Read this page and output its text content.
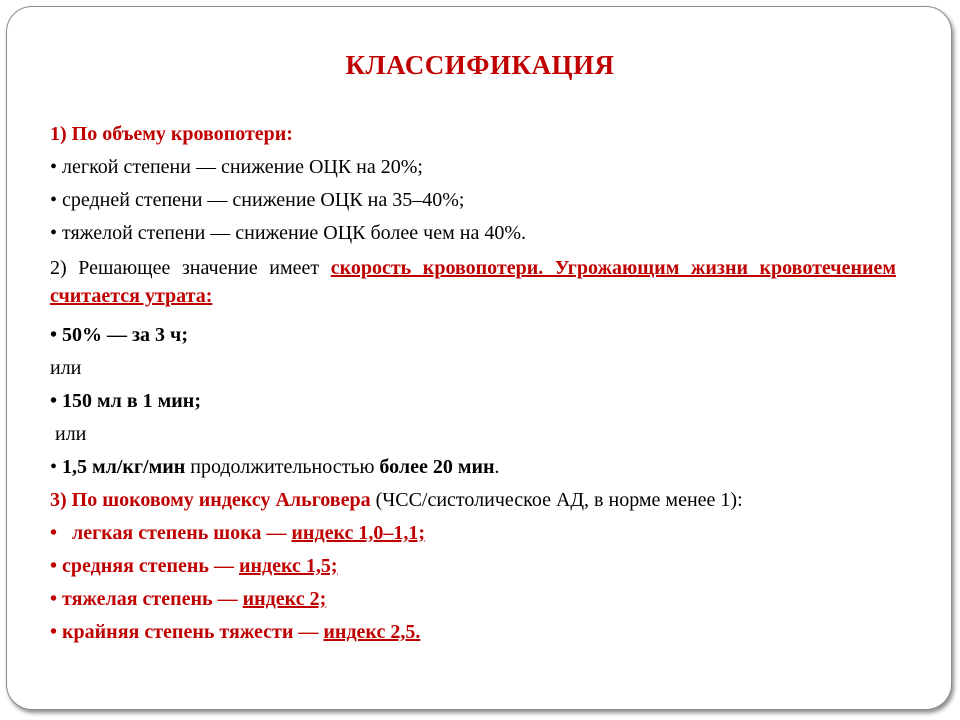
КЛАССИФИКАЦИЯ
1) По объему кровопотери:
• легкой степени — снижение ОЦК на 20%;
• средней степени — снижение ОЦК на 35–40%;
• тяжелой степени — снижение ОЦК более чем на 40%.
2) Решающее значение имеет скорость кровопотери. Угрожающим жизни кровотечением считается утрата:
• 50% — за 3 ч;
или
• 150 мл в 1 мин;
или
• 1,5 мл/кг/мин продолжительностью более 20 мин.
3) По шоковому индексу Альговера (ЧСС/систолическое АД, в норме менее 1):
•   легкая степень шока — индекс 1,0–1,1;
• средняя степень — индекс 1,5;
• тяжелая степень — индекс 2;
• крайняя степень тяжести — индекс 2,5.
